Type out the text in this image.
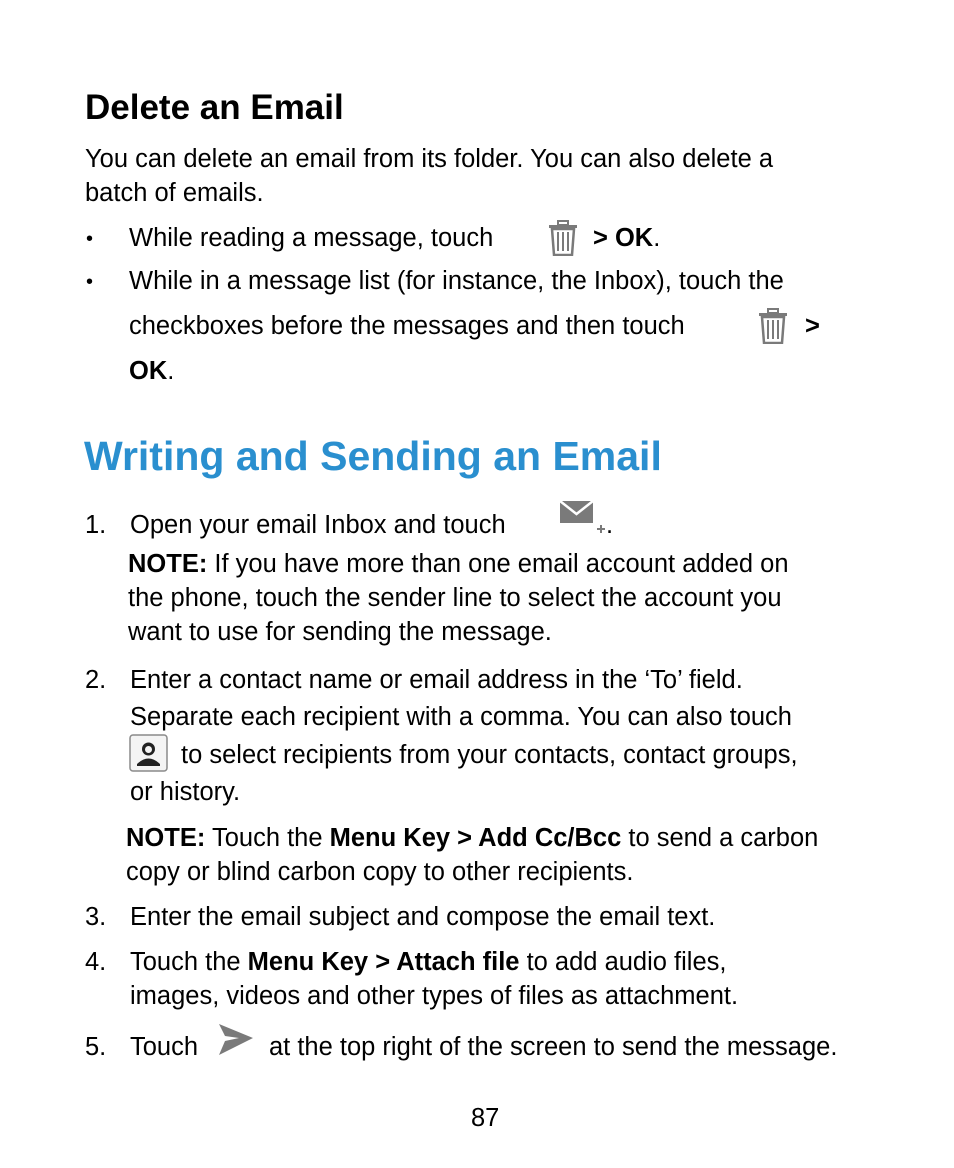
Delete an Email
You can delete an email from its folder. You can also delete a
batch of emails.
• While reading a message, touch	> OK.
• While in a message list (for instance, the Inbox), touch the
checkboxes before the messages and then touch	>
OK.
Writing and Sending an Email
1. Open your email Inbox and touch	.
NOTE: If you have more than one email account added on
the phone, touch the sender line to select the account you
want to use for sending the message.
2. Enter a contact name or email address in the ‘To’ field.
Separate each recipient with a comma. You can also touch
to select recipients from your contacts, contact groups,
or history.
NOTE: Touch the Menu Key > Add Cc/Bcc to send a carbon
copy or blind carbon copy to other recipients.
3. Enter the email subject and compose the email text.
4. Touch the Menu Key > Attach file to add audio files,
images, videos and other types of files as attachment.
5. Touch	at the top right of the screen to send the message.
87
